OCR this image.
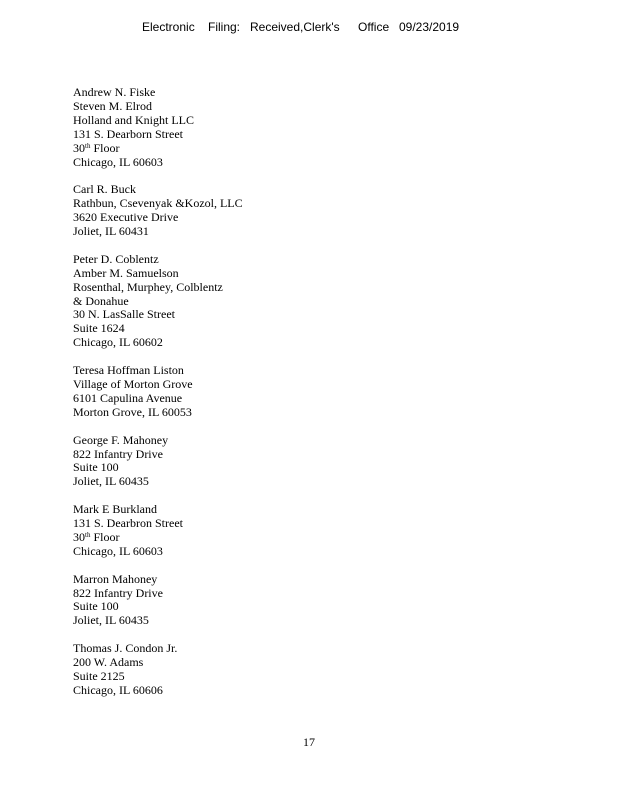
Electronic Filing: Received,Clerk's Office 09/23/2019
Andrew N. Fiske
Steven M. Elrod
Holland and Knight LLC
131 S. Dearborn Street
30th Floor
Chicago, IL 60603
Carl R. Buck
Rathbun, Csevenyak &Kozol, LLC
3620 Executive Drive
Joliet, IL 60431
Peter D. Coblentz
Amber M. Samuelson
Rosenthal, Murphey, Colblentz
& Donahue
30 N. LasSalle Street
Suite 1624
Chicago, IL 60602
Teresa Hoffman Liston
Village of Morton Grove
6101 Capulina Avenue
Morton Grove, IL 60053
George F. Mahoney
822 Infantry Drive
Suite 100
Joliet, IL 60435
Mark E Burkland
131 S. Dearbron Street
30th Floor
Chicago, IL 60603
Marron Mahoney
822 Infantry Drive
Suite 100
Joliet, IL 60435
Thomas J. Condon Jr.
200 W. Adams
Suite 2125
Chicago, IL 60606
17
